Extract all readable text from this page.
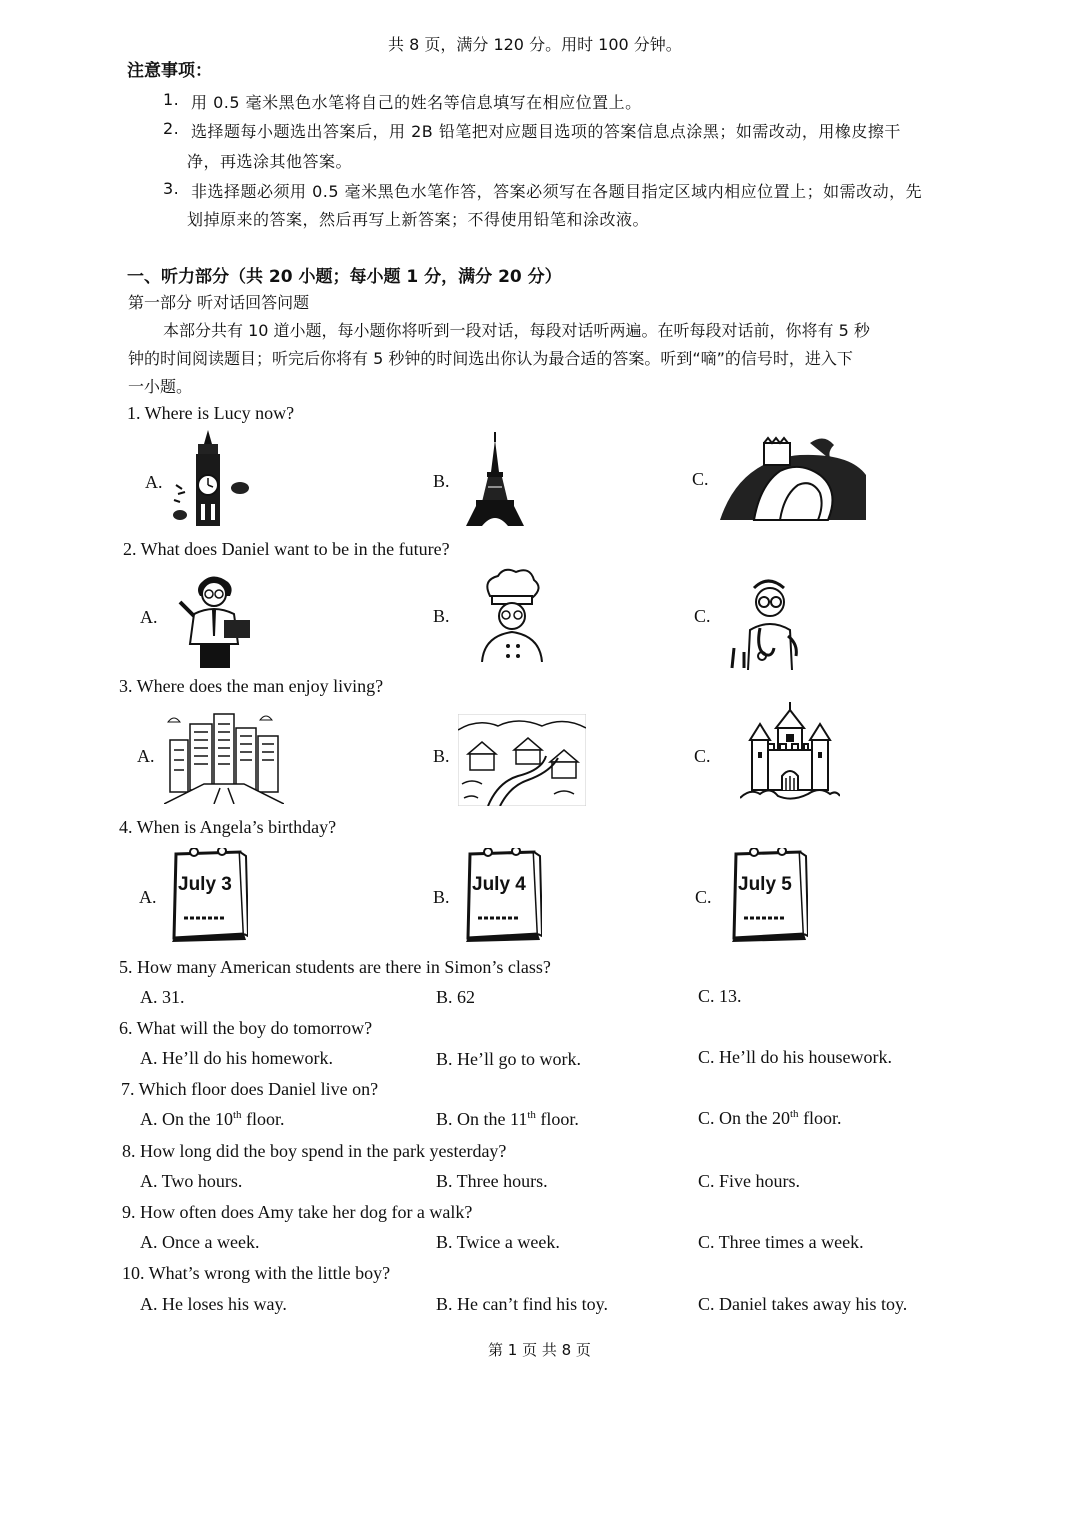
共 8 页，满分 120 分。用时 100 分钟。
注意事项：
1. 用 0.5 毫米黑色水笔将自己的姓名等信息填写在相应位置上。
2. 选择题每小题选出答案后，用 2B 铅笔把对应题目选项的答案信息点涂黑；如需改动，用橡皮擦干
净，再选涂其他答案。
3. 非选择题必须用 0.5 毫米黑色水笔作答，答案必须写在各题目指定区域内相应位置上；如需改动，先
划掉原来的答案，然后再写上新答案；不得使用铅笔和涂改液。
一、听力部分（共 20 小题；每小题 1 分，满分 20 分）
第一部分 听对话回答问题
本部分共有 10 道小题，每小题你将听到一段对话，每段对话听两遍。在听每段对话前，你将有 5 秒
钟的时间阅读题目；听完后你将有 5 秒钟的时间选出你认为最合适的答案。听到“嘀”的信号时，进入下
一小题。
1. Where is Lucy now?
A.	B.	C.
2. What does Daniel want to be in the future?
A.	B.	C.
3. Where does the man enjoy living?
A.	B.	C.
4. When is Angela’s birthday?
A.	B.	C.
July 3	July 4	July 5
5. How many American students are there in Simon’s class?
A. 31.	B. 62	C. 13.
6. What will the boy do tomorrow?
A. He’ll do his homework.	B. He’ll go to work.	C. He’ll do his housework.
7. Which floor does Daniel live on?
A. On the 10th floor.	B. On the 11th floor.	C. On the 20th floor.
8. How long did the boy spend in the park yesterday?
A. Two hours.	B. Three hours.	C. Five hours.
9. How often does Amy take her dog for a walk?
A. Once a week.	B. Twice a week.	C. Three times a week.
10. What’s wrong with the little boy?
A. He loses his way.	B. He can’t find his toy.	C. Daniel takes away his toy.
第 1 页 共 8 页
